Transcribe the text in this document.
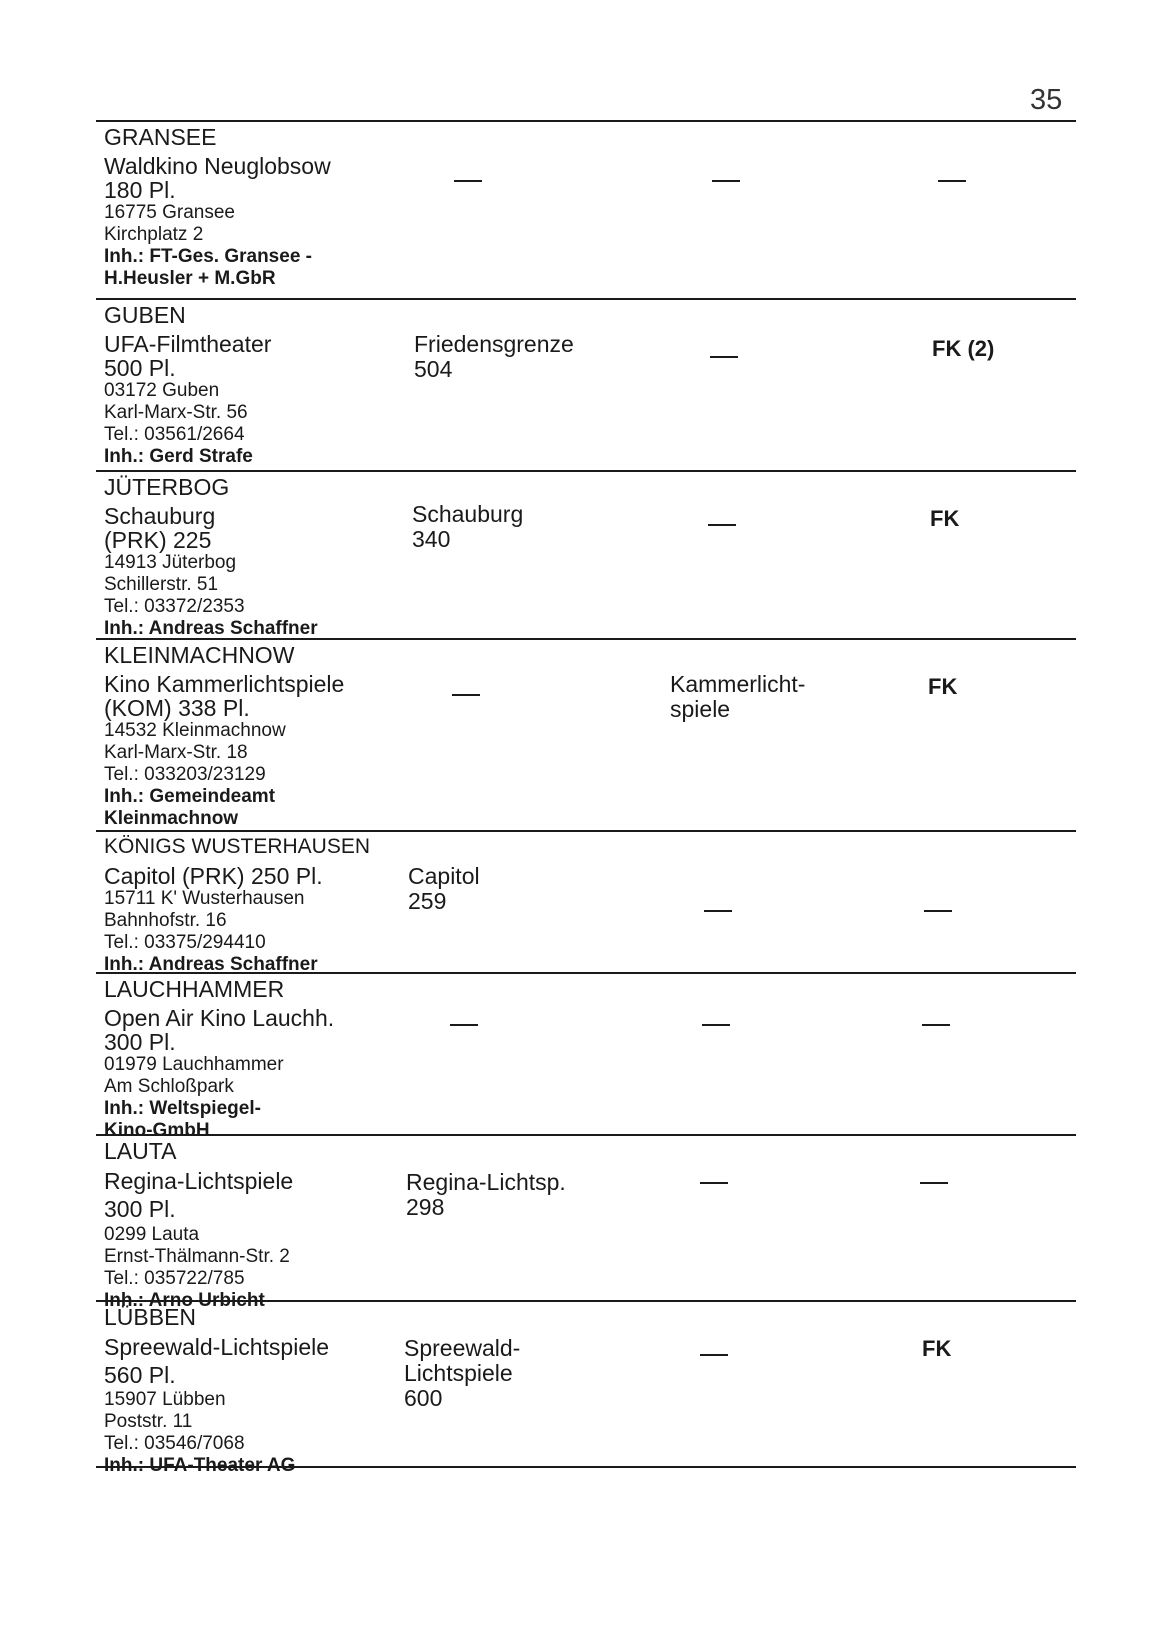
35
GRANSEE
Waldkino Neuglobsow
180 Pl.
16775 Gransee
Kirchplatz 2
Inh.: FT-Ges. Gransee -
H.Heusler + M.GbR
GUBEN
UFA-Filmtheater
500 Pl.
03172 Guben
Karl-Marx-Str. 56
Tel.: 03561/2664
Inh.: Gerd Strafe
Friedensgrenze
504
FK (2)
JÜTERBOG
Schauburg
(PRK) 225
14913 Jüterbog
Schillerstr. 51
Tel.: 03372/2353
Inh.: Andreas Schaffner
Schauburg
340
FK
KLEINMACHNOW
Kino Kammerlichtspiele
(KOM) 338 Pl.
14532 Kleinmachnow
Karl-Marx-Str. 18
Tel.: 033203/23129
Inh.: Gemeindeamt
Kleinmachnow
Kammerlicht-
spiele
FK
KÖNIGS WUSTERHAUSEN
Capitol (PRK) 250 Pl.
15711 K' Wusterhausen
Bahnhofstr. 16
Tel.: 03375/294410
Inh.: Andreas Schaffner
Capitol
259
LAUCHHAMMER
Open Air Kino Lauchh.
300 Pl.
01979 Lauchhammer
Am Schloßpark
Inh.: Weltspiegel-
Kino-GmbH
LAUTA
Regina-Lichtspiele
300 Pl.
0299 Lauta
Ernst-Thälmann-Str. 2
Tel.: 035722/785
Inh.: Arno Urbicht
Regina-Lichtsp.
298
LÜBBEN
Spreewald-Lichtspiele
560 Pl.
15907 Lübben
Poststr. 11
Tel.: 03546/7068
Inh.: UFA-Theater AG
Spreewald-
Lichtspiele
600
FK
